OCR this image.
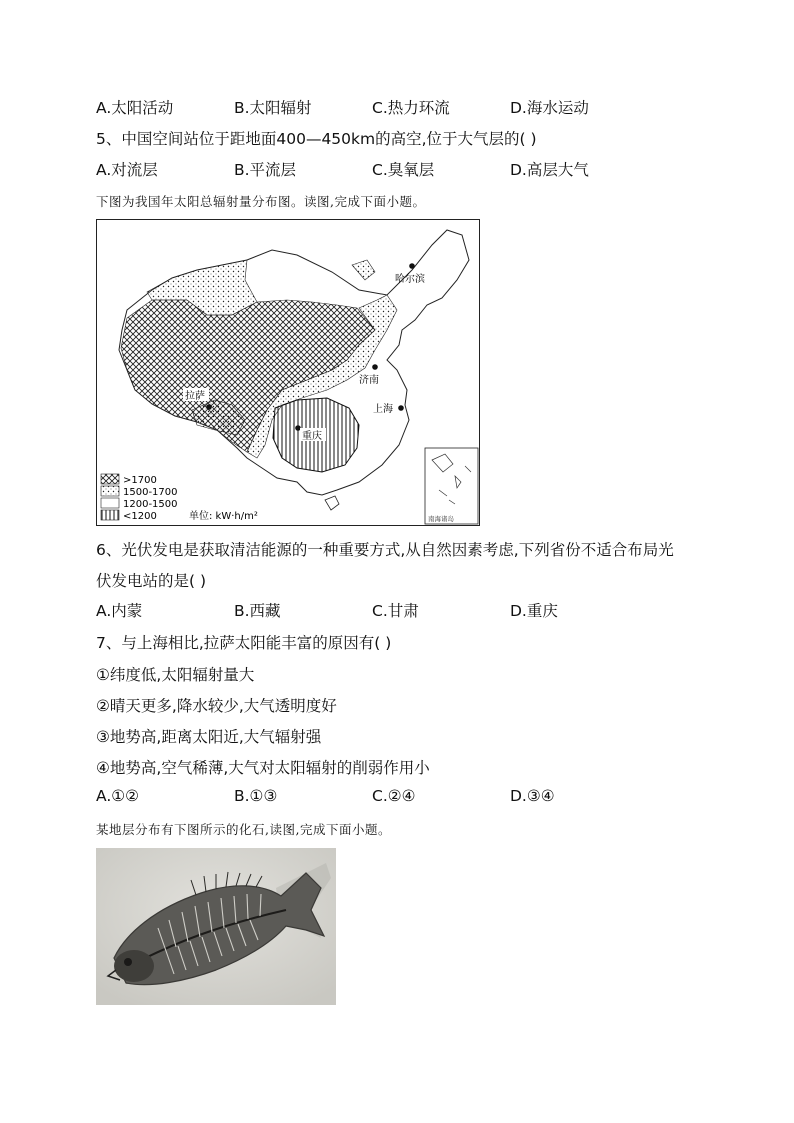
A.太阳活动	B.太阳辐射	C.热力环流	D.海水运动
5、中国空间站位于距地面400—450km的高空,位于大气层的( )
A.对流层	B.平流层	C.臭氧层	D.高层大气
下图为我国年太阳总辐射量分布图。读图,完成下面小题。
哈尔滨
济南
上海
拉萨
重庆
南海诸岛
>1700
1500-1700
1200-1500
<1200	单位: kW·h/m²
6、光伏发电是获取清洁能源的一种重要方式,从自然因素考虑,下列省份不适合布局光
伏发电站的是( )
A.内蒙	B.西藏	C.甘肃	D.重庆
7、与上海相比,拉萨太阳能丰富的原因有( )
①纬度低,太阳辐射量大
②晴天更多,降水较少,大气透明度好
③地势高,距离太阳近,大气辐射强
④地势高,空气稀薄,大气对太阳辐射的削弱作用小
A.①②	B.①③	C.②④	D.③④
某地层分布有下图所示的化石,读图,完成下面小题。
